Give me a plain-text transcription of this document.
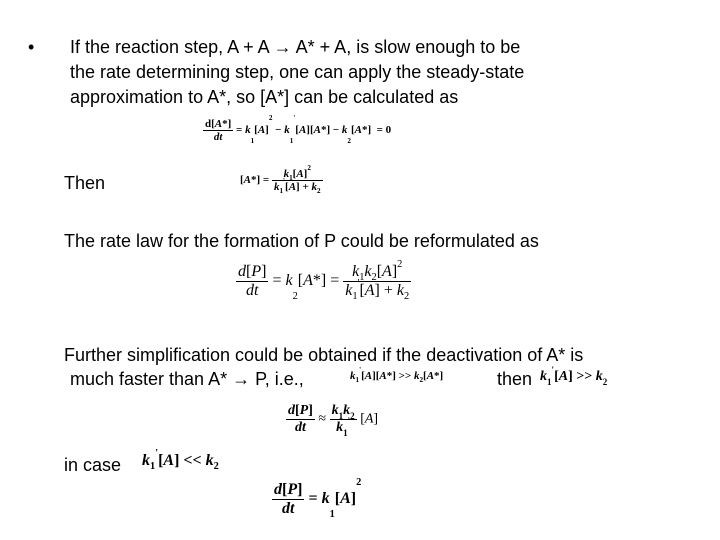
• If the reaction step, A + A → A* + A, is slow enough to be
the rate determining step, one can apply the steady-state
approximation to A*, so [A*] can be calculated as
$\frac{d[A*]}{dt} = k_1[A]^2 - k_1'[A][A*] - k_2[A*] = 0$
Then	$[A*] = \frac{k_1[A]^2}{k_1'[A] + k_2}$
The rate law for the formation of P could be reformulated as
$\frac{d[P]}{dt} = k_2[A*] = \frac{k_1k_2[A]^2}{k_1'[A] + k_2}$
Further simplification could be obtained if the deactivation of A* is
much faster than A* → P, i.e.,	$k_1'[A][A*] >> k_2[A*]$	then $k_1'[A] >> k_2$
$\frac{d[P]}{dt} \approx \frac{k_1k_2}{k_1'} [A]$
in case $k_1'[A] << k_2$
$\frac{d[P]}{dt} = k_1[A]^2$
